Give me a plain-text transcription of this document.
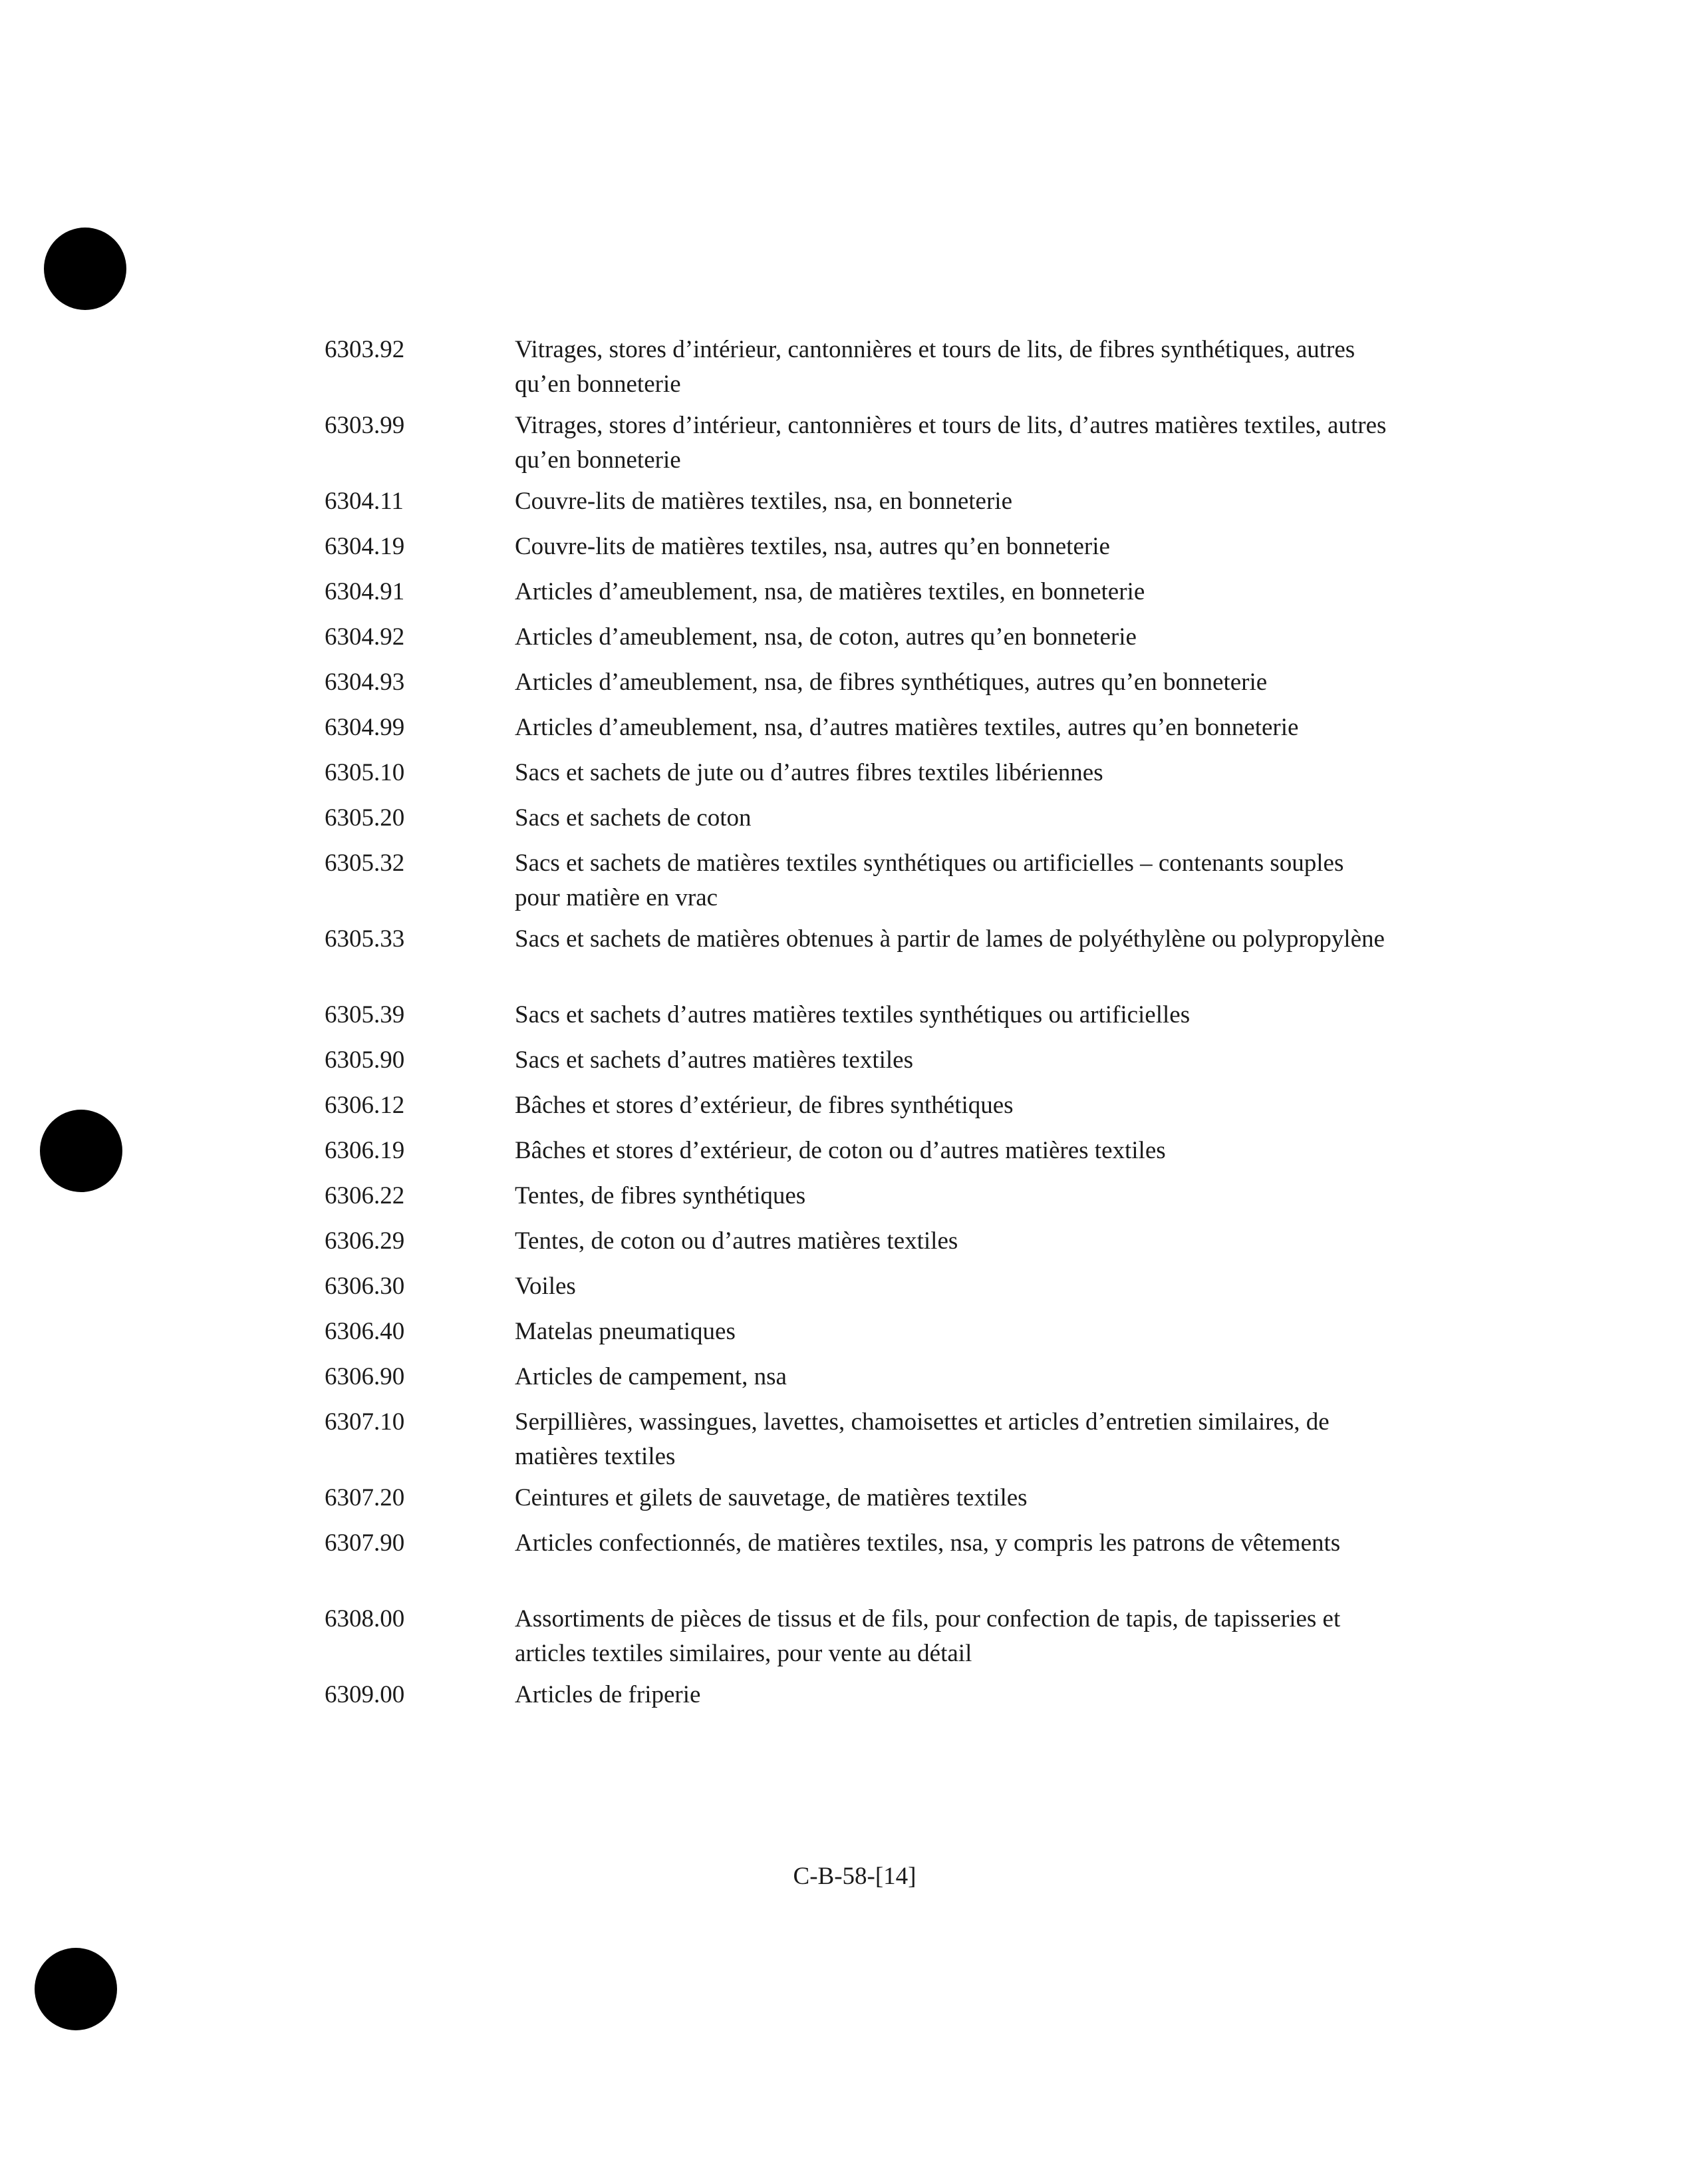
6303.92	Vitrages, stores d’intérieur, cantonnières et tours de lits, de fibres synthétiques, autres qu’en bonneterie
6303.99	Vitrages, stores d’intérieur, cantonnières et tours de lits, d’autres matières textiles, autres qu’en bonneterie
6304.11	Couvre-lits de matières textiles, nsa, en bonneterie
6304.19	Couvre-lits de matières textiles, nsa, autres qu’en bonneterie
6304.91	Articles d’ameublement, nsa, de matières textiles, en bonneterie
6304.92	Articles d’ameublement, nsa, de coton, autres qu’en bonneterie
6304.93	Articles d’ameublement, nsa, de fibres synthétiques, autres qu’en bonneterie
6304.99	Articles d’ameublement, nsa, d’autres matières textiles, autres qu’en bonneterie
6305.10	Sacs et sachets de jute ou d’autres fibres textiles libériennes
6305.20	Sacs et sachets de coton
6305.32	Sacs et sachets de matières textiles synthétiques ou artificielles – contenants souples pour matière en vrac
6305.33	Sacs et sachets de matières obtenues à partir de lames de polyéthylène ou polypropylène
6305.39	Sacs et sachets d’autres matières textiles synthétiques ou artificielles
6305.90	Sacs et sachets d’autres matières textiles
6306.12	Bâches et stores d’extérieur, de fibres synthétiques
6306.19	Bâches et stores d’extérieur, de coton ou d’autres matières textiles
6306.22	Tentes, de fibres synthétiques
6306.29	Tentes, de coton ou d’autres matières textiles
6306.30	Voiles
6306.40	Matelas pneumatiques
6306.90	Articles de campement, nsa
6307.10	Serpillières, wassingues, lavettes, chamoisettes et articles d’entretien similaires, de matières textiles
6307.20	Ceintures et gilets de sauvetage, de matières textiles
6307.90	Articles confectionnés, de matières textiles, nsa, y compris les patrons de vêtements
6308.00	Assortiments de pièces de tissus et de fils, pour confection de tapis, de tapisseries et articles textiles similaires, pour vente au détail
6309.00	Articles de friperie
C-B-58-[14]
